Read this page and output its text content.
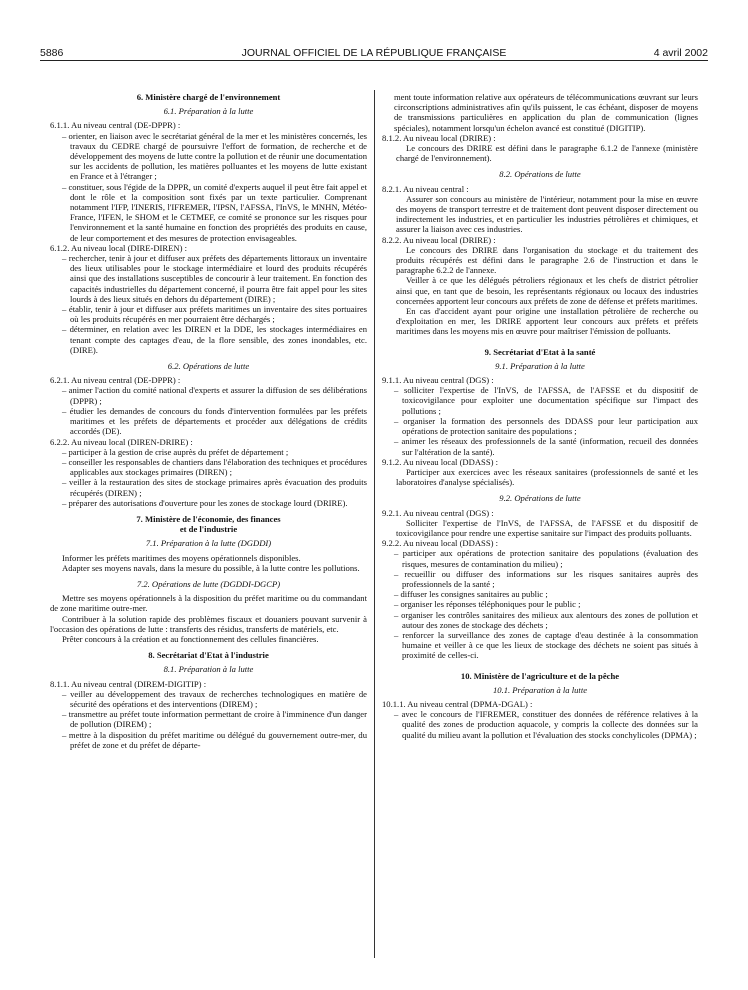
5886	JOURNAL OFFICIEL DE LA RÉPUBLIQUE FRANÇAISE	4 avril 2002
6. Ministère chargé de l'environnement
6.1. Préparation à la lutte
6.1.1. Au niveau central (DE-DPPR) :
– orienter, en liaison avec le secrétariat général de la mer et les ministères concernés, les travaux du CEDRE chargé de poursuivre l'effort de formation, de recherche et de développement des moyens de lutte contre la pollution et de réunir une documentation sur les accidents de pollution, les matières polluantes et les moyens de lutte existant en France et à l'étranger ;
– constituer, sous l'égide de la DPPR, un comité d'experts auquel il peut être fait appel et dont le rôle et la composition sont fixés par un texte particulier. Comprenant notamment l'IFP, l'INERIS, l'IFREMER, l'IPSN, l'AFSSA, l'InVS, le MNHN, Météo-France, l'IFEN, le SHOM et le CETMEF, ce comité se prononce sur les risques pour l'environnement et la santé humaine en fonction des propriétés des produits en cause, de leur comportement et des mesures de protection envisageables.
6.1.2. Au niveau local (DIRE-DIREN) :
– rechercher, tenir à jour et diffuser aux préfets des départements littoraux un inventaire des lieux utilisables pour le stockage intermédiaire et lourd des produits récupérés ainsi que des installations susceptibles de concourir à leur traitement. En fonction des capacités industrielles du département concerné, il pourra être fait appel pour les sites lourds à des lieux situés en dehors du département (DIRE) ;
– établir, tenir à jour et diffuser aux préfets maritimes un inventaire des sites portuaires où les produits récupérés en mer pourraient être déchargés ;
– déterminer, en relation avec les DIREN et la DDE, les stockages intermédiaires en tenant compte des captages d'eau, de la flore sensible, des zones inondables, etc. (DIRE).
6.2. Opérations de lutte
6.2.1. Au niveau central (DE-DPPR) :
– animer l'action du comité national d'experts et assurer la diffusion de ses délibérations (DPPR) ;
– étudier les demandes de concours du fonds d'intervention formulées par les préfets maritimes et les préfets de départements et procéder aux délégations de crédits accordés (DE).
6.2.2. Au niveau local (DIREN-DRIRE) :
– participer à la gestion de crise auprès du préfet de département ;
– conseiller les responsables de chantiers dans l'élaboration des techniques et procédures applicables aux stockages primaires (DIREN) ;
– veiller à la restauration des sites de stockage primaires après évacuation des produits récupérés (DIREN) ;
– préparer des autorisations d'ouverture pour les zones de stockage lourd (DRIRE).
7. Ministère de l'économie, des finances
et de l'industrie
7.1. Préparation à la lutte (DGDDI)
Informer les préfets maritimes des moyens opérationnels disponibles.
Adapter ses moyens navals, dans la mesure du possible, à la lutte contre les pollutions.
7.2. Opérations de lutte (DGDDI-DGCP)
Mettre ses moyens opérationnels à la disposition du préfet maritime ou du commandant de zone maritime outre-mer.
Contribuer à la solution rapide des problèmes fiscaux et douaniers pouvant survenir à l'occasion des opérations de lutte : transferts des résidus, transferts de matériels, etc.
Prêter concours à la création et au fonctionnement des cellules financières.
8. Secrétariat d'Etat à l'industrie
8.1. Préparation à la lutte
8.1.1. Au niveau central (DIREM-DIGITIP) :
– veiller au développement des travaux de recherches technologiques en matière de sécurité des opérations et des interventions (DIREM) ;
– transmettre au préfet toute information permettant de croire à l'imminence d'un danger de pollution (DIREM) ;
– mettre à la disposition du préfet maritime ou délégué du gouvernement outre-mer, du préfet de zone et du préfet de départe-
ment toute information relative aux opérateurs de télécommunications œuvrant sur leurs circonscriptions administratives afin qu'ils puissent, le cas échéant, disposer de moyens de transmissions particulières en application du plan de communication (lignes spéciales), notamment lorsqu'un échelon avancé est constitué (DIGITIP).
8.1.2. Au niveau local (DRIRE) :
Le concours des DRIRE est défini dans le paragraphe 6.1.2 de l'annexe (ministère chargé de l'environnement).
8.2. Opérations de lutte
8.2.1. Au niveau central :
Assurer son concours au ministère de l'intérieur, notamment pour la mise en œuvre des moyens de transport terrestre et de traitement dont peuvent disposer directement ou indirectement les industries, et en particulier les industries pétrolières et chimiques, et assurer la liaison avec ces industries.
8.2.2. Au niveau local (DRIRE) :
Le concours des DRIRE dans l'organisation du stockage et du traitement des produits récupérés est défini dans le paragraphe 2.6 de l'instruction et dans le paragraphe 6.2.2 de l'annexe.
Veiller à ce que les délégués pétroliers régionaux et les chefs de district pétrolier ainsi que, en tant que de besoin, les représentants régionaux ou locaux des industries concernées apportent leur concours aux préfets de zone de défense et préfets maritimes.
En cas d'accident ayant pour origine une installation pétrolière de recherche ou d'exploitation en mer, les DRIRE apportent leur concours aux préfets et préfets maritimes dans les moyens mis en œuvre pour maîtriser l'émission de polluants.
9. Secrétariat d'Etat à la santé
9.1. Préparation à la lutte
9.1.1. Au niveau central (DGS) :
– solliciter l'expertise de l'InVS, de l'AFSSA, de l'AFSSE et du dispositif de toxicovigilance pour exploiter une documentation spécifique sur l'impact des pollutions ;
– organiser la formation des personnels des DDASS pour leur participation aux opérations de protection sanitaire des populations ;
– animer les réseaux des professionnels de la santé (information, recueil des données sur l'altération de la santé).
9.1.2. Au niveau local (DDASS) :
Participer aux exercices avec les réseaux sanitaires (professionnels de santé et les laboratoires d'analyse spécialisés).
9.2. Opérations de lutte
9.2.1. Au niveau central (DGS) :
Solliciter l'expertise de l'InVS, de l'AFSSA, de l'AFSSE et du dispositif de toxicovigilance pour rendre une expertise sanitaire sur l'impact des produits polluants.
9.2.2. Au niveau local (DDASS) :
– participer aux opérations de protection sanitaire des populations (évaluation des risques, mesures de contamination du milieu) ;
– recueillir ou diffuser des informations sur les risques sanitaires auprès des professionnels de la santé ;
– diffuser les consignes sanitaires au public ;
– organiser les réponses téléphoniques pour le public ;
– organiser les contrôles sanitaires des milieux aux alentours des zones de pollution et autour des zones de stockage des déchets ;
– renforcer la surveillance des zones de captage d'eau destinée à la consommation humaine et veiller à ce que les lieux de stockage des déchets ne soient pas situés à proximité de celles-ci.
10. Ministère de l'agriculture et de la pêche
10.1. Préparation à la lutte
10.1.1. Au niveau central (DPMA-DGAL) :
– avec le concours de l'IFREMER, constituer des données de référence relatives à la qualité des zones de production aquacole, y compris la collecte des données sur la qualité du milieu avant la pollution et l'évaluation des stocks conchylicoles (DPMA) ;
